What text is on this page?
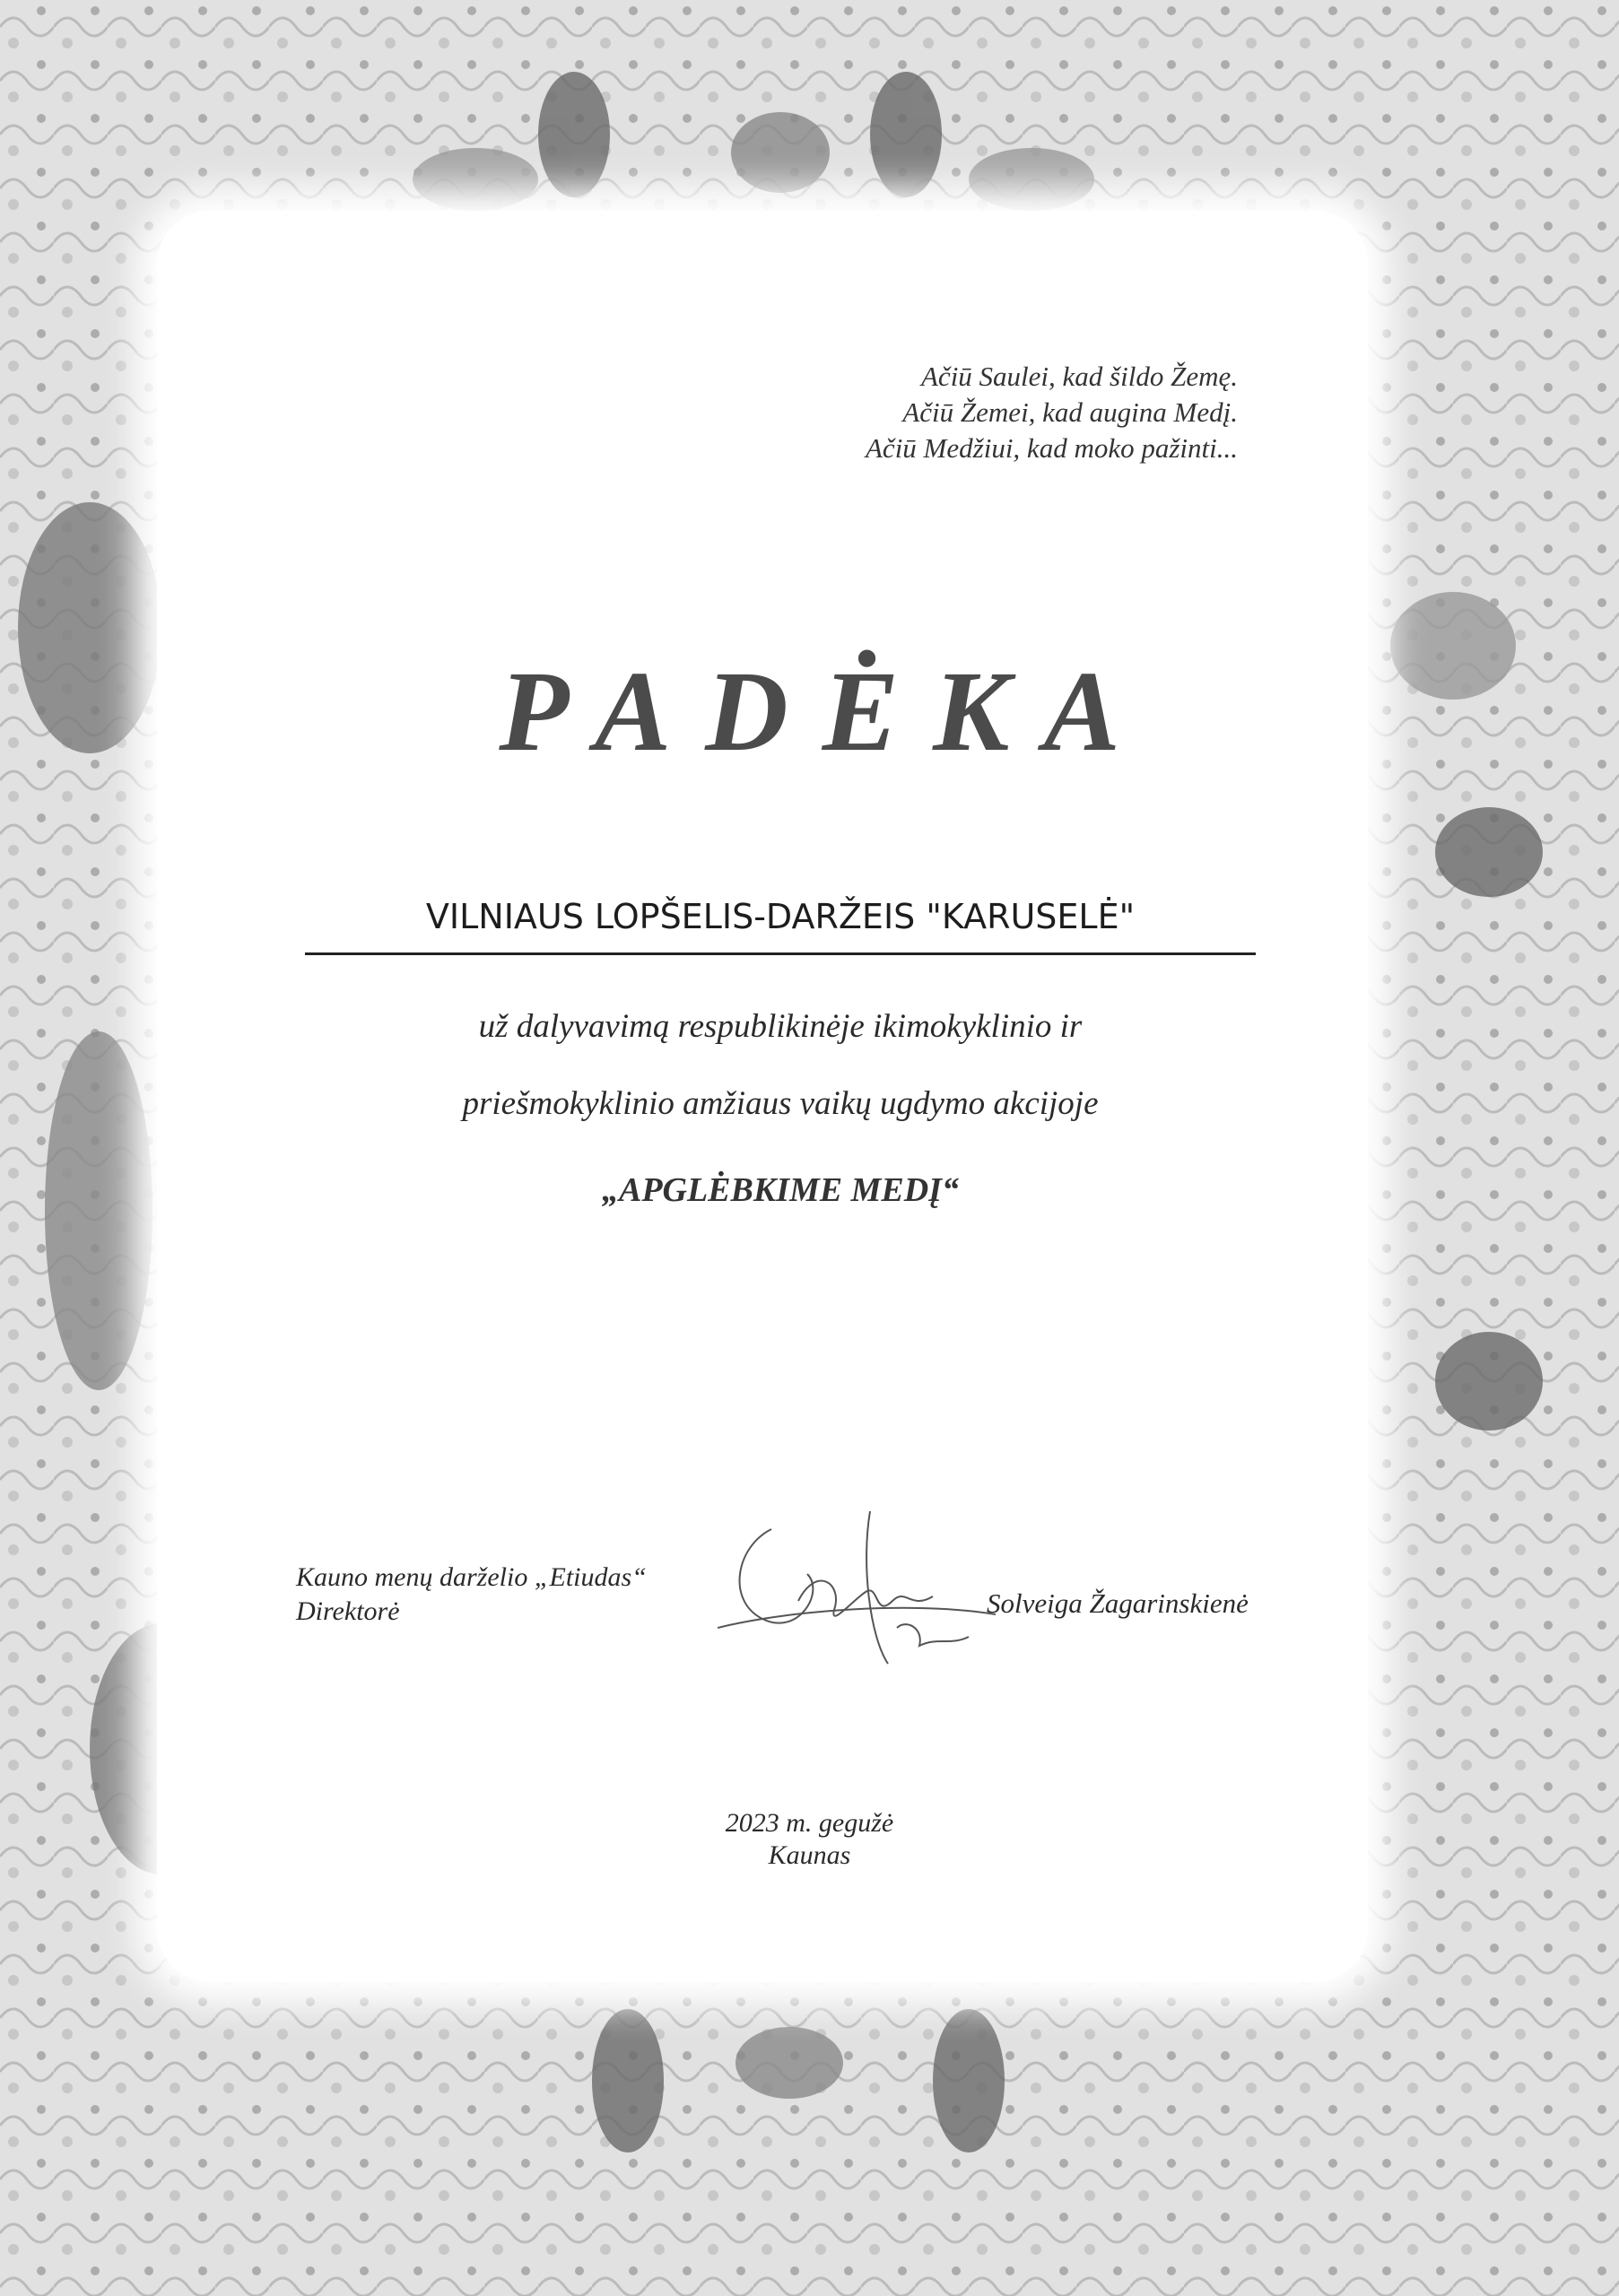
Ačiū Saulei, kad šildo Žemę.
Ačiū Žemei, kad augina Medį.
Ačiū Medžiui, kad moko pažinti...
PADĖKA
VILNIAUS LOPŠELIS-DARŽEIS "KARUSELĖ"
už dalyvavimą respublikinėje ikimokyklinio ir
priešmokyklinio amžiaus vaikų ugdymo akcijoje
„APGLĖBKIME MEDĮ“
Kauno menų darželio „Etiudas“
Direktorė	Solveiga Žagarinskienė
2023 m. gegužė
Kaunas
